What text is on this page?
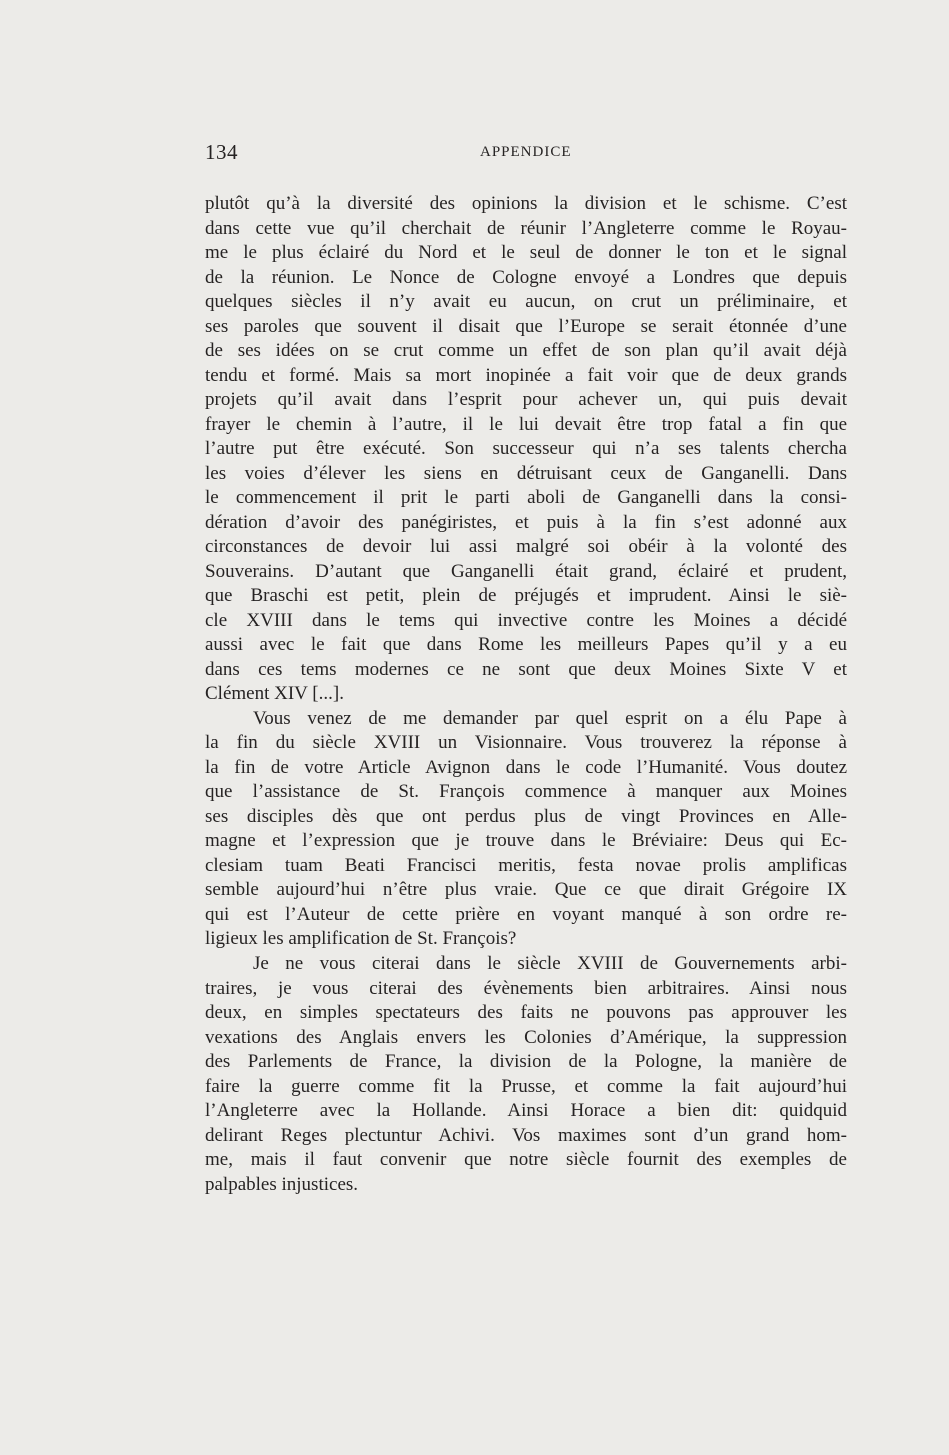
134	APPENDICE
plutôt qu’à la diversité des opinions la division et le schisme. C’est
dans cette vue qu’il cherchait de réunir l’Angleterre comme le Royau-
me le plus éclairé du Nord et le seul de donner le ton et le signal
de la réunion. Le Nonce de Cologne envoyé a Londres que depuis
quelques siècles il n’y avait eu aucun, on crut un préliminaire, et
ses paroles que souvent il disait que l’Europe se serait étonnée d’une
de ses idées on se crut comme un effet de son plan qu’il avait déjà
tendu et formé. Mais sa mort inopinée a fait voir que de deux grands
projets qu’il avait dans l’esprit pour achever un, qui puis devait
frayer le chemin à l’autre, il le lui devait être trop fatal a fin que
l’autre put être exécuté. Son successeur qui n’a ses talents chercha
les voies d’élever les siens en détruisant ceux de Ganganelli. Dans
le commencement il prit le parti aboli de Ganganelli dans la consi-
dération d’avoir des panégiristes, et puis à la fin s’est adonné aux
circonstances de devoir lui assi malgré soi obéir à la volonté des
Souverains. D’autant que Ganganelli était grand, éclairé et prudent,
que Braschi est petit, plein de préjugés et imprudent. Ainsi le siè-
cle XVIII dans le tems qui invective contre les Moines a décidé
aussi avec le fait que dans Rome les meilleurs Papes qu’il y a eu
dans ces tems modernes ce ne sont que deux Moines Sixte V et
Clément XIV [...].
Vous venez de me demander par quel esprit on a élu Pape à
la fin du siècle XVIII un Visionnaire. Vous trouverez la réponse à
la fin de votre Article Avignon dans le code l’Humanité. Vous doutez
que l’assistance de St. François commence à manquer aux Moines
ses disciples dès que ont perdus plus de vingt Provinces en Alle-
magne et l’expression que je trouve dans le Bréviaire: Deus qui Ec-
clesiam tuam Beati Francisci meritis, festa novae prolis amplificas
semble aujourd’hui n’être plus vraie. Que ce que dirait Grégoire IX
qui est l’Auteur de cette prière en voyant manqué à son ordre re-
ligieux les amplification de St. François?
Je ne vous citerai dans le siècle XVIII de Gouvernements arbi-
traires, je vous citerai des évènements bien arbitraires. Ainsi nous
deux, en simples spectateurs des faits ne pouvons pas approuver les
vexations des Anglais envers les Colonies d’Amérique, la suppression
des Parlements de France, la division de la Pologne, la manière de
faire la guerre comme fit la Prusse, et comme la fait aujourd’hui
l’Angleterre avec la Hollande. Ainsi Horace a bien dit: quidquid
delirant Reges plectuntur Achivi. Vos maximes sont d’un grand hom-
me, mais il faut convenir que notre siècle fournit des exemples de
palpables injustices.
